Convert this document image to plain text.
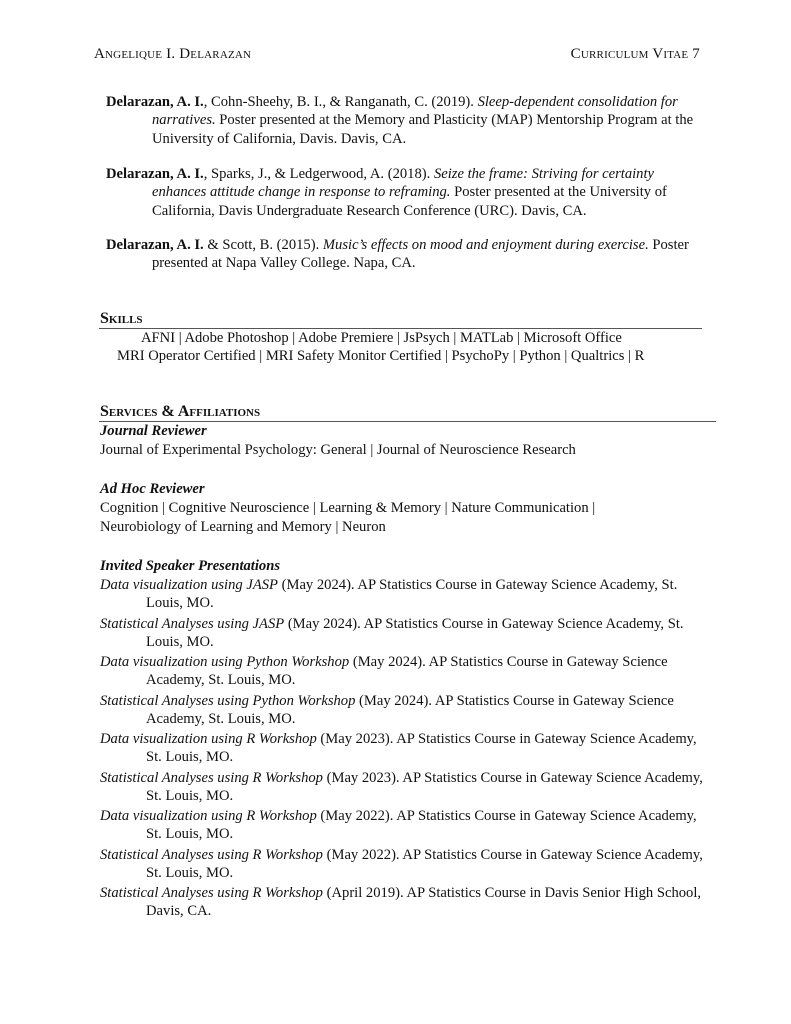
Angelique I. Delarazan	Curriculum Vitae 7
Delarazan, A. I., Cohn-Sheehy, B. I., & Ranganath, C. (2019). Sleep-dependent consolidation for narratives. Poster presented at the Memory and Plasticity (MAP) Mentorship Program at the University of California, Davis. Davis, CA.
Delarazan, A. I., Sparks, J., & Ledgerwood, A. (2018). Seize the frame: Striving for certainty enhances attitude change in response to reframing. Poster presented at the University of California, Davis Undergraduate Research Conference (URC). Davis, CA.
Delarazan, A. I. & Scott, B. (2015). Music’s effects on mood and enjoyment during exercise. Poster presented at Napa Valley College. Napa, CA.
Skills
AFNI | Adobe Photoshop | Adobe Premiere | JsPsych | MATLab | Microsoft Office
MRI Operator Certified | MRI Safety Monitor Certified | PsychoPy | Python | Qualtrics | R
Services & Affiliations
Journal Reviewer
Journal of Experimental Psychology: General | Journal of Neuroscience Research
Ad Hoc Reviewer
Cognition | Cognitive Neuroscience | Learning & Memory | Nature Communication | Neurobiology of Learning and Memory | Neuron
Invited Speaker Presentations
Data visualization using JASP (May 2024). AP Statistics Course in Gateway Science Academy, St. Louis, MO.
Statistical Analyses using JASP (May 2024). AP Statistics Course in Gateway Science Academy, St. Louis, MO.
Data visualization using Python Workshop (May 2024). AP Statistics Course in Gateway Science Academy, St. Louis, MO.
Statistical Analyses using Python Workshop (May 2024). AP Statistics Course in Gateway Science Academy, St. Louis, MO.
Data visualization using R Workshop (May 2023). AP Statistics Course in Gateway Science Academy, St. Louis, MO.
Statistical Analyses using R Workshop (May 2023). AP Statistics Course in Gateway Science Academy, St. Louis, MO.
Data visualization using R Workshop (May 2022). AP Statistics Course in Gateway Science Academy, St. Louis, MO.
Statistical Analyses using R Workshop (May 2022). AP Statistics Course in Gateway Science Academy, St. Louis, MO.
Statistical Analyses using R Workshop (April 2019). AP Statistics Course in Davis Senior High School, Davis, CA.
